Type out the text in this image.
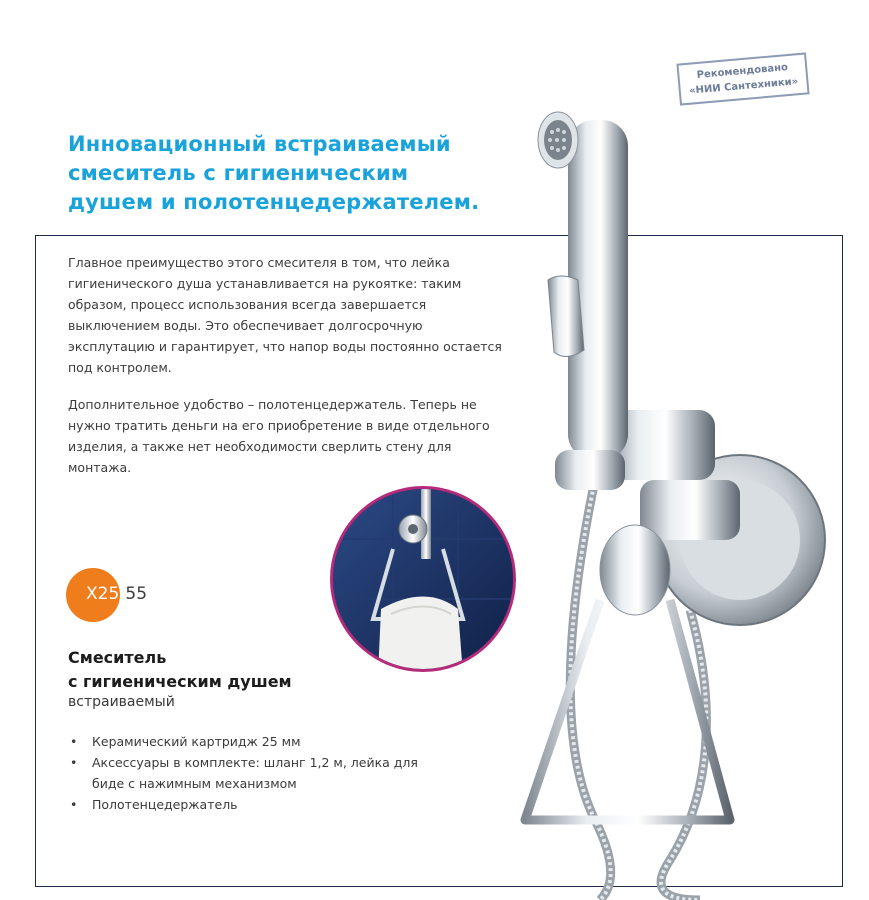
Рекомендовано
«НИИ Сантехники»
Инновационный встраиваемый
смеситель с гигиеническим
душем и полотенцедержателем.

Главное преимущество этого смесителя в том, что лейка гигиенического душа устанавливается на рукоятке: таким образом, процесс использования всегда завершается выключением воды. Это обеспечивает долгосрочную эксплутацию и гарантирует, что напор воды постоянно остается под контролем.

Дополнительное удобство – полотенцедержатель. Теперь не нужно тратить деньги на его приобретение в виде отдельного изделия, а также нет необходимости сверлить стену для монтажа.

X25-55
Смеситель
с гигиеническим душем
встраиваемый
• Керамический картридж 25 мм
• Аксессуары в комплекте: шланг 1,2 м, лейка для биде с нажимным механизмом
• Полотенцедержатель
